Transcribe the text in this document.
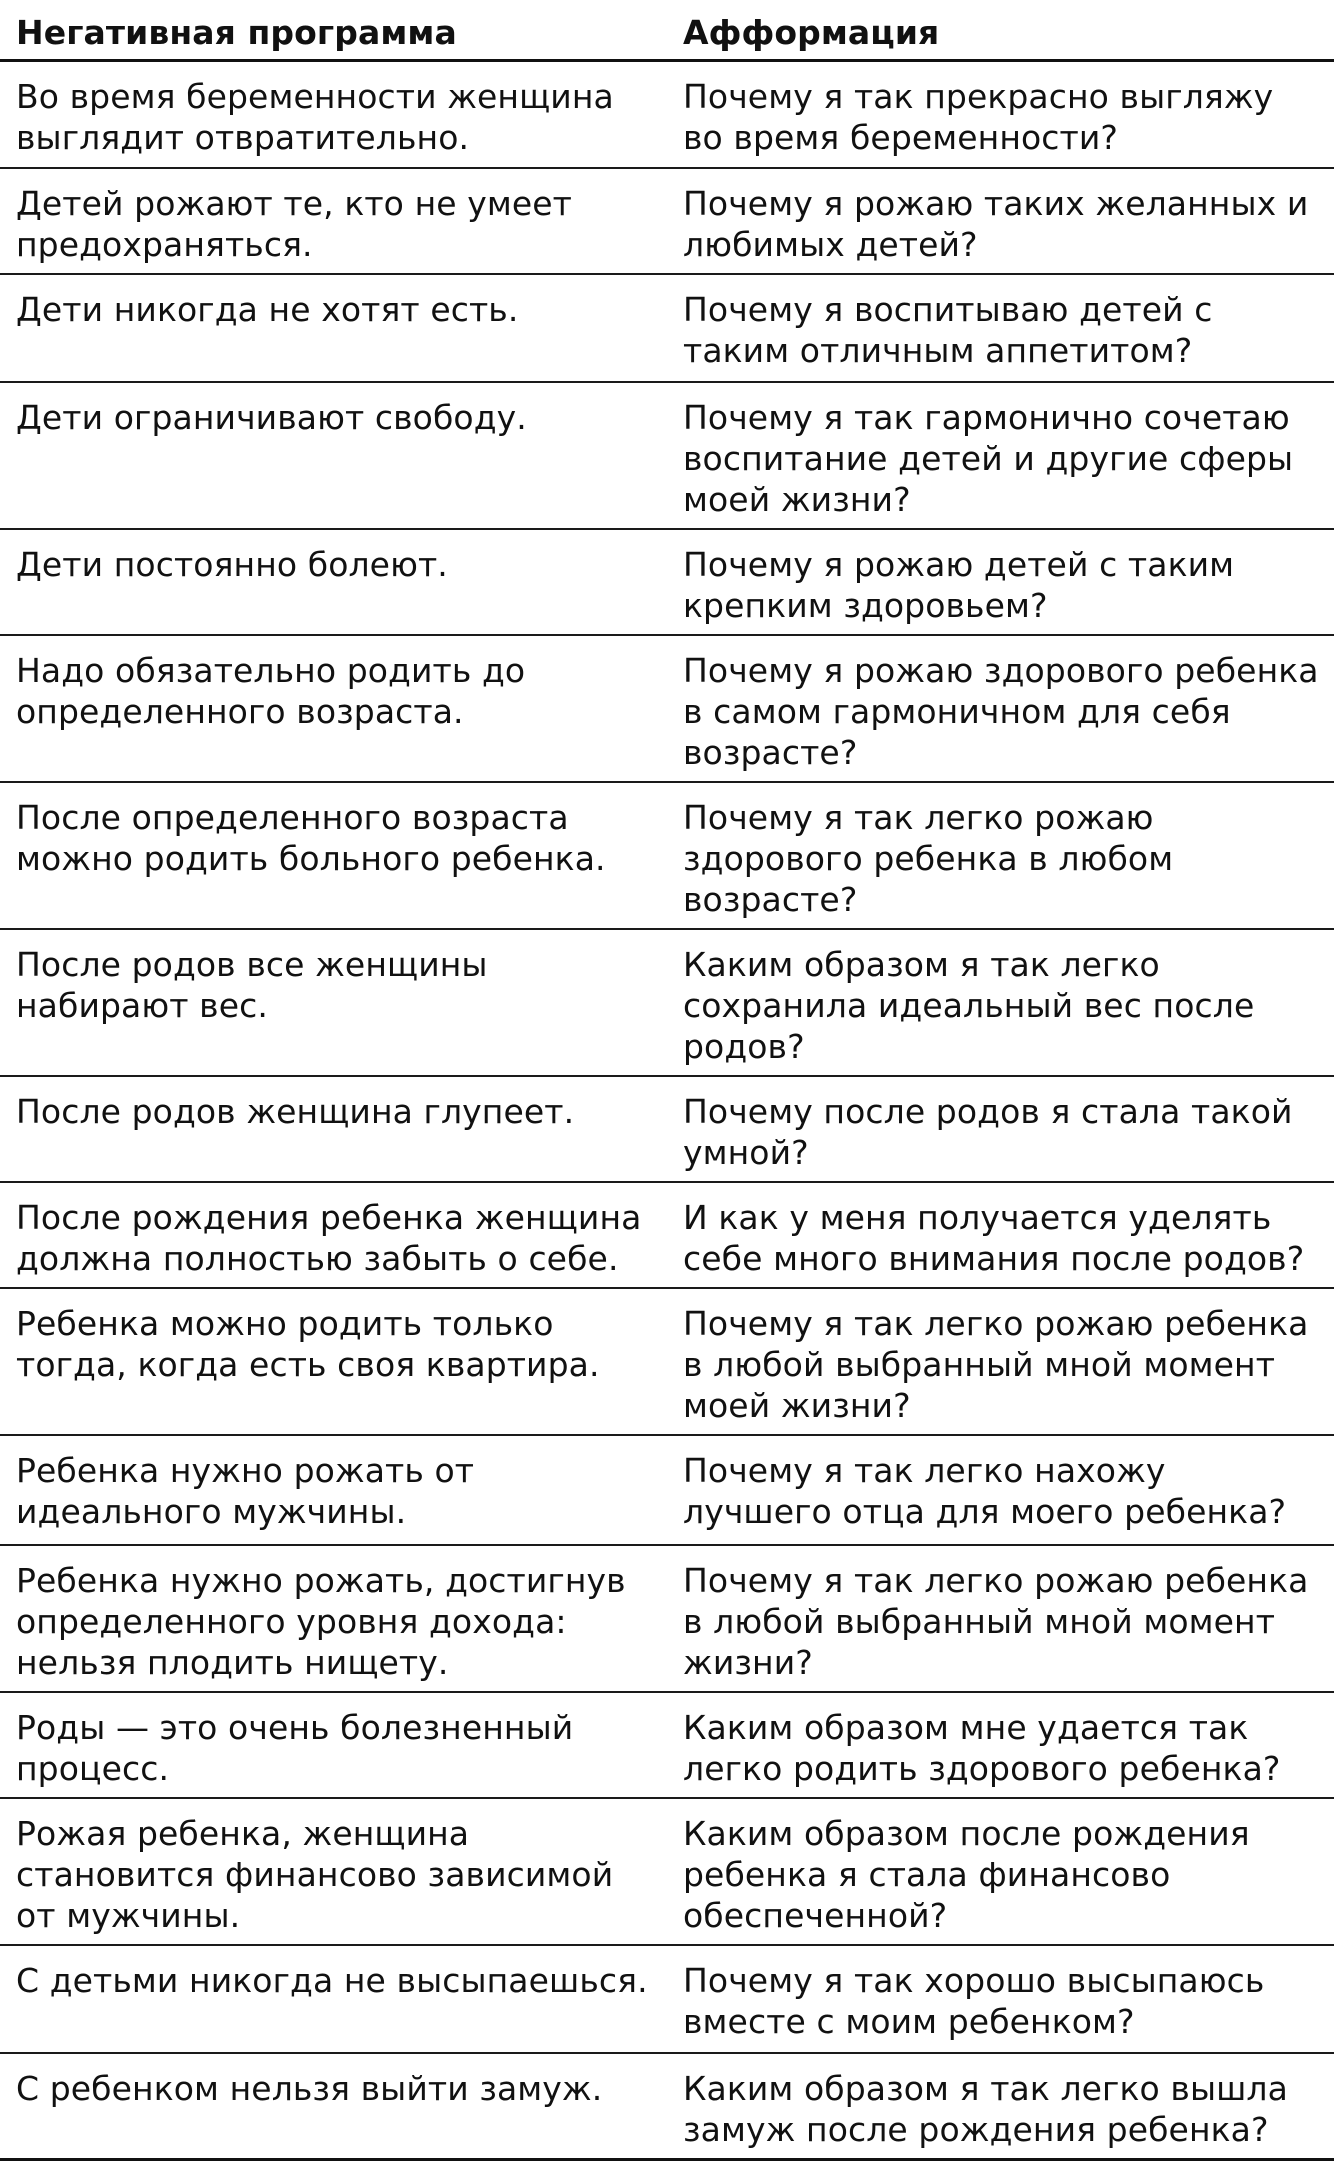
Негативная программа	Афформация
Во время беременности женщина выглядит отвратительно.	Почему я так прекрасно выгляжу во время беременности?
Детей рожают те, кто не умеет предохраняться.	Почему я рожаю таких желанных и любимых детей?
Дети никогда не хотят есть.	Почему я воспитываю детей с таким отличным аппетитом?
Дети ограничивают свободу.	Почему я так гармонично сочетаю воспитание детей и другие сферы моей жизни?
Дети постоянно болеют.	Почему я рожаю детей с таким крепким здоровьем?
Надо обязательно родить до определенного возраста.	Почему я рожаю здорового ребенка в самом гармоничном для себя возрасте?
После определенного возраста можно родить больного ребенка.	Почему я так легко рожаю здорового ребенка в любом возрасте?
После родов все женщины набирают вес.	Каким образом я так легко сохранила идеальный вес после родов?
После родов женщина глупеет.	Почему после родов я стала такой умной?
После рождения ребенка женщина должна полностью забыть о себе.	И как у меня получается уделять себе много внимания после родов?
Ребенка можно родить только тогда, когда есть своя квартира.	Почему я так легко рожаю ребенка в любой выбранный мной момент моей жизни?
Ребенка нужно рожать от идеального мужчины.	Почему я так легко нахожу лучшего отца для моего ребенка?
Ребенка нужно рожать, достигнув определенного уровня дохода: нельзя плодить нищету.	Почему я так легко рожаю ребенка в любой выбранный мной момент жизни?
Роды — это очень болезненный процесс.	Каким образом мне удается так легко родить здорового ребенка?
Рожая ребенка, женщина становится финансово зависимой от мужчины.	Каким образом после рождения ребенка я стала финансово обеспеченной?
С детьми никогда не высыпаешься.	Почему я так хорошо высыпаюсь вместе с моим ребенком?
С ребенком нельзя выйти замуж.	Каким образом я так легко вышла замуж после рождения ребенка?
